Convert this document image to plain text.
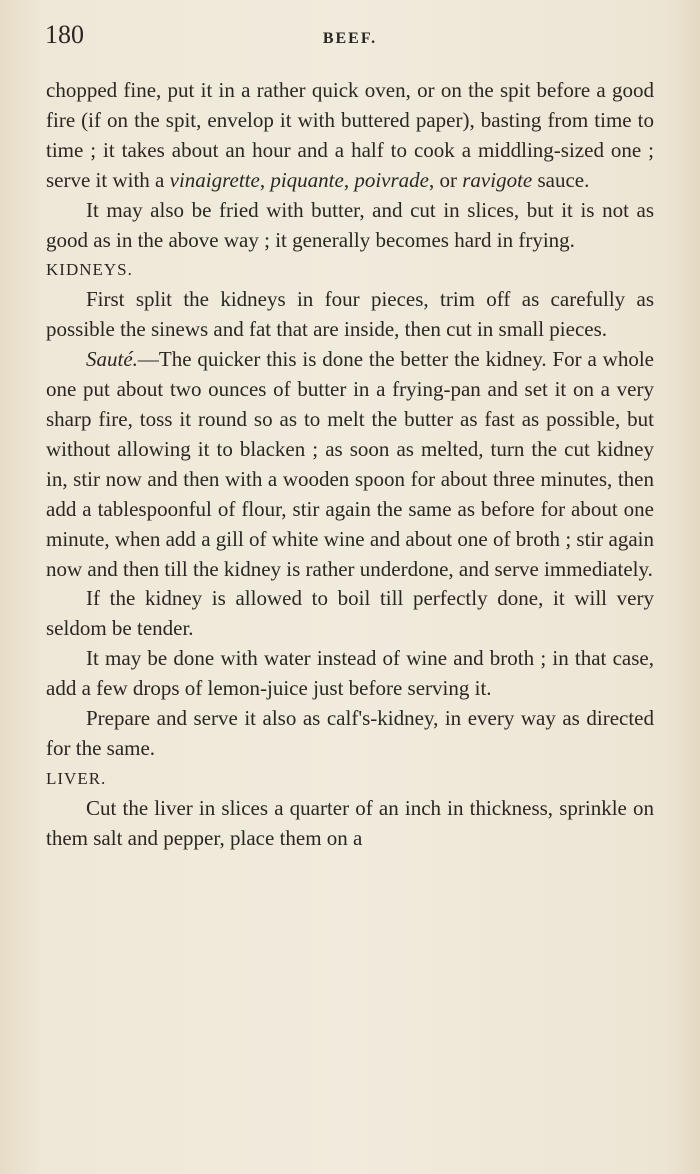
180	BEEF.

chopped fine, put it in a rather quick oven, or on the spit before a good fire (if on the spit, envelop it with buttered paper), basting from time to time ; it takes about an hour and a half to cook a middling-sized one ; serve it with a vinaigrette, piquante, poivrade, or ravigote sauce.

It may also be fried with butter, and cut in slices, but it is not as good as in the above way ; it generally becomes hard in frying.

KIDNEYS.

First split the kidneys in four pieces, trim off as carefully as possible the sinews and fat that are inside, then cut in small pieces.

Sauté.—The quicker this is done the better the kidney. For a whole one put about two ounces of butter in a frying-pan and set it on a very sharp fire, toss it round so as to melt the butter as fast as possible, but without allowing it to blacken ; as soon as melted, turn the cut kidney in, stir now and then with a wooden spoon for about three minutes, then add a tablespoonful of flour, stir again the same as before for about one minute, when add a gill of white wine and about one of broth ; stir again now and then till the kidney is rather underdone, and serve immediately.

If the kidney is allowed to boil till perfectly done, it will very seldom be tender.

It may be done with water instead of wine and broth ; in that case, add a few drops of lemon-juice just before serving it.

Prepare and serve it also as calf's-kidney, in every way as directed for the same.

LIVER.

Cut the liver in slices a quarter of an inch in thickness, sprinkle on them salt and pepper, place them on a
